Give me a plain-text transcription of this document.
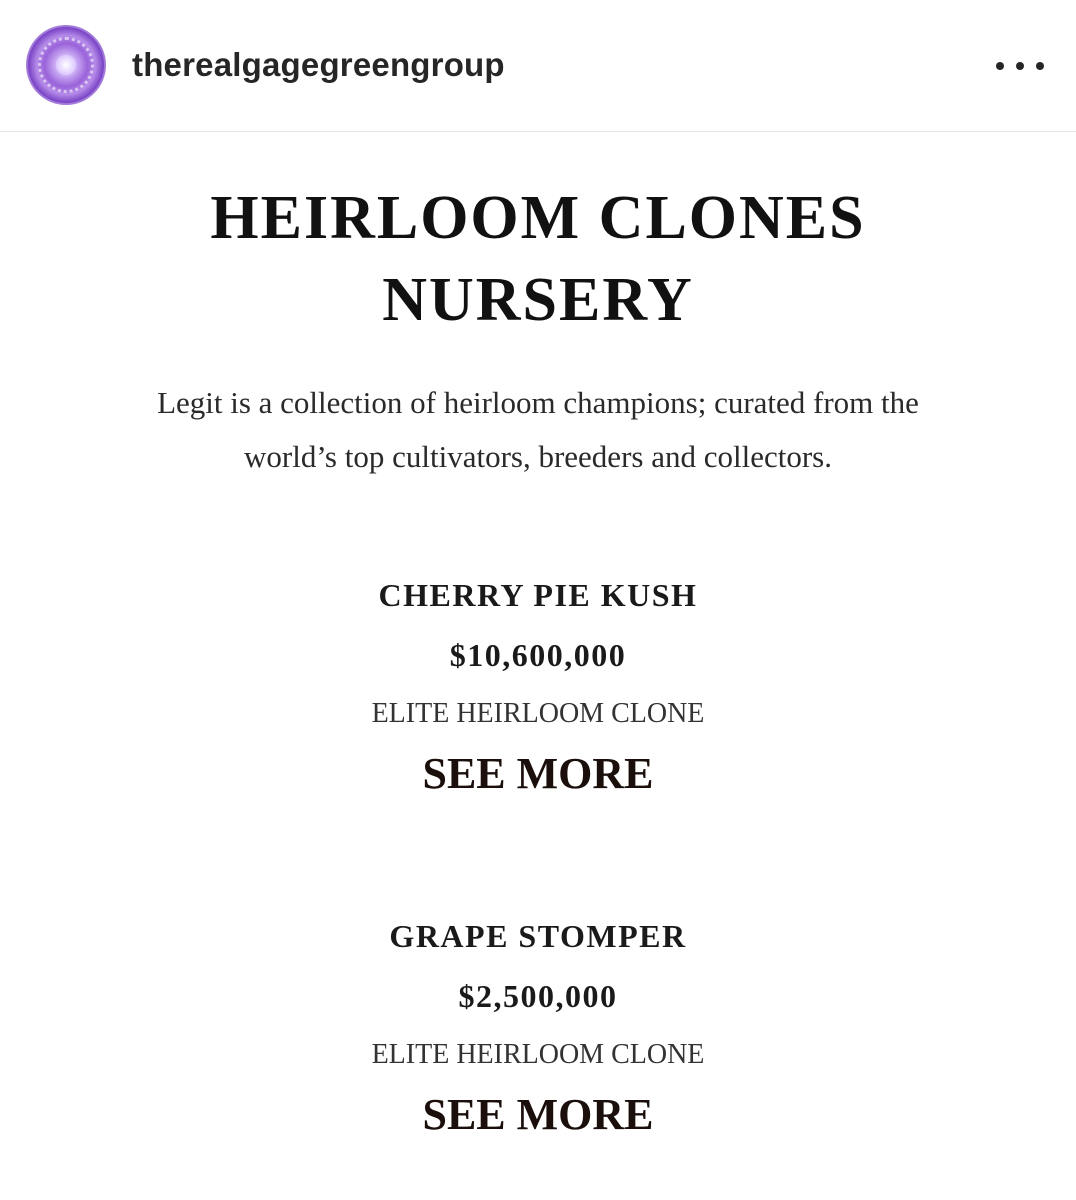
therealgagegreengroup
HEIRLOOM CLONES
NURSERY

Legit is a collection of heirloom champions; curated from the
world’s top cultivators, breeders and collectors.

CHERRY PIE KUSH
$10,600,000
ELITE HEIRLOOM CLONE
SEE MORE
GRAPE STOMPER
$2,500,000
ELITE HEIRLOOM CLONE
SEE MORE
